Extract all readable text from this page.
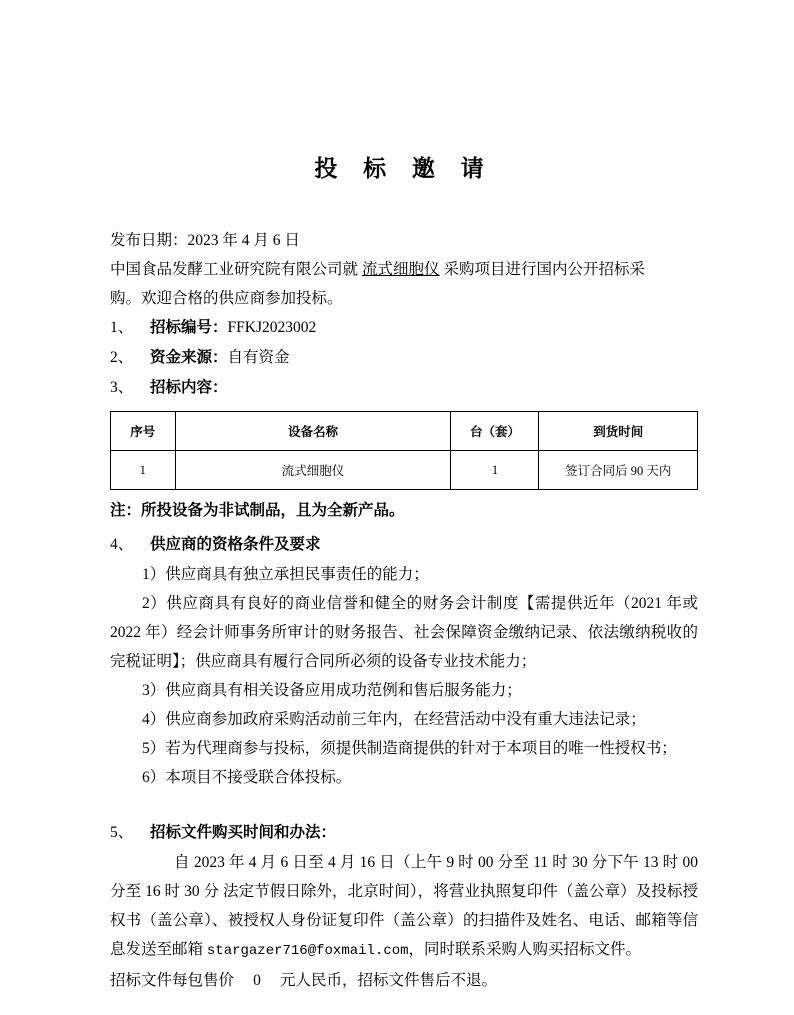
投 标 邀 请

发布日期：2023 年 4 月 6 日

中国食品发酵工业研究院有限公司就 流式细胞仪 采购项目进行国内公开招标采
购。欢迎合格的供应商参加投标。

1、	招标编号： FFKJ2023002
2、	资金来源： 自有资金
3、	招标内容：
序号	设备名称	台（套）	到货时间
1	流式细胞仪	1	签订合同后 90 天内

注：所投设备为非试制品，且为全新产品。

4、	供应商的资格条件及要求

1）供应商具有独立承担民事责任的能力；

2）供应商具有良好的商业信誉和健全的财务会计制度【需提供近年（2021 年或 2022 年）经会计师事务所审计的财务报告、社会保障资金缴纳记录、依法缴纳税收的完税证明】；供应商具有履行合同所必须的设备专业技术能力；

3）供应商具有相关设备应用成功范例和售后服务能力；

4）供应商参加政府采购活动前三年内，在经营活动中没有重大违法记录；

5）若为代理商参与投标，须提供制造商提供的针对于本项目的唯一性授权书；

6）本项目不接受联合体投标。

5、	招标文件购买时间和办法：

自 2023 年 4 月 6 日至 4 月 16 日（上午 9 时 00 分至 11 时 30 分下午 13 时 00 分至 16 时 30 分 法定节假日除外，北京时间），将营业执照复印件（盖公章）及投标授权书（盖公章）、被授权人身份证复印件（盖公章）的扫描件及姓名、电话、邮箱等信息发送至邮箱 stargazer716@foxmail.com，同时联系采购人购买招标文件。

招标文件每包售价 0 元人民币，招标文件售后不退。
